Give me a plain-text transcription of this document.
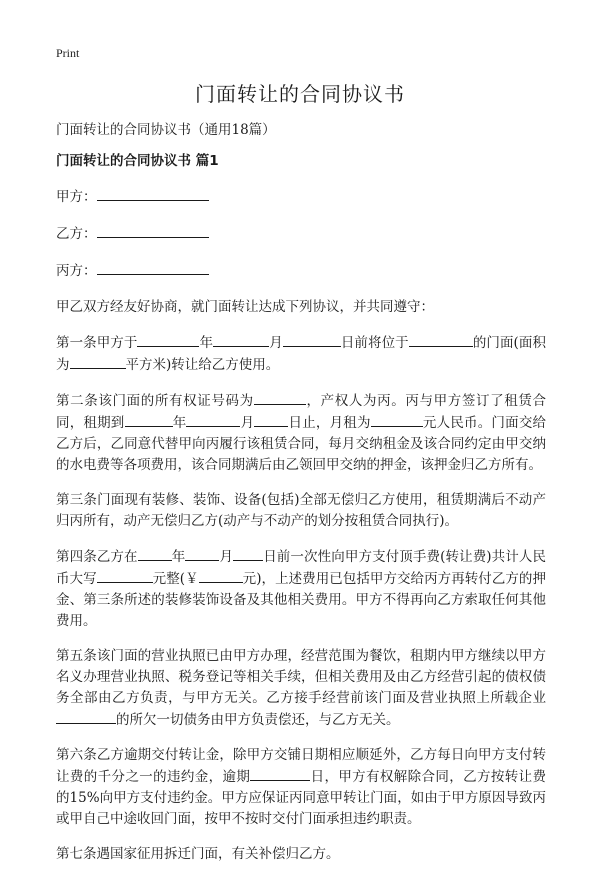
Print
门面转让的合同协议书

门面转让的合同协议书（通用18篇）

门面转让的合同协议书 篇1

甲方：

乙方：

丙方：

甲乙双方经友好协商，就门面转让达成下列协议，并共同遵守：

第一条甲方于	年	月	日前将位于	的门面(面积为	平方米)转让给乙方使用。

第二条该门面的所有权证号码为	，产权人为丙。丙与甲方签订了租赁合同，租期到	年	月	日止，月租为	元人民币。门面交给乙方后，乙同意代替甲向丙履行该租赁合同，每月交纳租金及该合同约定由甲交纳的水电费等各项费用，该合同期满后由乙领回甲交纳的押金，该押金归乙方所有。

第三条门面现有装修、装饰、设备(包括)全部无偿归乙方使用，租赁期满后不动产归丙所有，动产无偿归乙方(动产与不动产的划分按租赁合同执行)。

第四条乙方在	年	月 日前一次性向甲方支付顶手费(转让费)共计人民币大写	元整(￥	元)，上述费用已包括甲方交给丙方再转付乙方的押金、第三条所述的装修装饰设备及其他相关费用。甲方不得再向乙方索取任何其他费用。

第五条该门面的营业执照已由甲方办理，经营范围为餐饮，租期内甲方继续以甲方名义办理营业执照、税务登记等相关手续，但相关费用及由乙方经营引起的债权债务全部由乙方负责，与甲方无关。乙方接手经营前该门面及营业执照上所载企业的所欠一切债务由甲方负责偿还，与乙方无关。

第六条乙方逾期交付转让金，除甲方交铺日期相应顺延外，乙方每日向甲方支付转让费的千分之一的违约金，逾期	日，甲方有权解除合同，乙方按转让费的15%向甲方支付违约金。甲方应保证丙同意甲转让门面，如由于甲方原因导致丙或甲自己中途收回门面，按甲不按时交付门面承担违约职责。

第七条遇国家征用拆迁门面，有关补偿归乙方。
